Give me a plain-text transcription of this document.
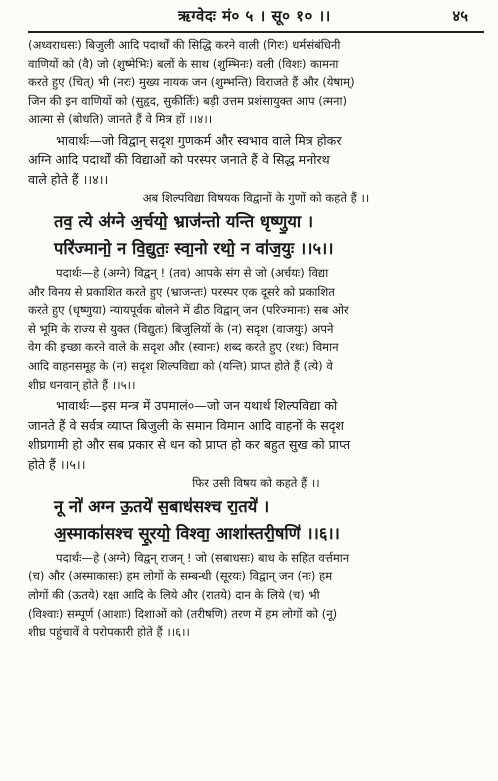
ऋग्वेदः मं० ५ । सू० १० ।।	४५

(अध्वराधसः) बिजुली आदि पदार्थों की सिद्धि करने वाली (गिरः) धर्मसंबंधिनी

वाणियों को (वै) जो (शुष्मेभिः) बलों के साथ (शुम्भिनः) वली (विशः) कामना

करते हुए (चित्) भी (नरः) मुख्य नायक जन (शुम्भन्ति) विराजते हैं और (येषाम्)

जिन की इन वाणियों को (सुहृद, सुकीर्तिः) बड़ी उत्तम प्रशंसायुक्त आप (त्मना)

आत्मा से (बोधति) जानते हैं वे मित्र हों ।।४।।

भावार्थः—जो विद्वान् सदृश गुणकर्म और स्वभाव वाले मित्र होकर

अग्नि आदि पदार्थों की विद्याओं को परस्पर जनाते हैं वे सिद्ध मनोरथ

वाले होते हैं ।।४।।

अब शिल्पविद्या विषयक विद्वानों के गुणों को कहते हैं ।।

तव॒ त्ये अ॑ग्ने अ॒र्चयो॒ भ्राज॑न्तो यन्ति धृष्णु॒या ।

परि॑ज्मानो॒ न वि॒द्युतः॒ स्वा॒नो रथो॒ न वा॑ज॒युः ।।५।।

पदार्थः—हे (अग्ने) विद्वन् ! (तव) आपके संग से जो (अर्चयः) विद्या

और विनय से प्रकाशित करते हुए (भ्राजन्तः) परस्पर एक दूसरे को प्रकाशित

करते हुए (धृष्णुया) न्यायपूर्वक बोलने में ढीठ विद्वान् जन (परिज्मानः) सब ओर

से भूमि के राज्य से युक्त (विद्युतः) बिजुलियों के (न) सदृश (वाजयुः) अपने

वेग की इच्छा करने वाले के सदृश और (स्वानः) शब्द करते हुए (रथः) विमान

आदि वाहनसमूह के (न) सदृश शिल्पविद्या को (यन्ति) प्राप्त होते हैं (त्ये) वे

शीघ्र धनवान् होते हैं ।।५।।

भावार्थः—इस मन्त्र में उपमालं०—जो जन यथार्थ शिल्पविद्या को

जानते हैं वे सर्वत्र व्याप्त बिजुली के समान विमान आदि वाहनों के सदृश

शीघ्रगामी हो और सब प्रकार से धन को प्राप्त हो कर बहुत सुख को प्राप्त

होते हैं ।।५।।

फिर उसी विषय को कहते हैं ।।

नू नो॑ अग्न ऊ॒तये॑ स॒बाध॑सश्च रा॒तये॑ ।

अ॒स्माका॑सश्च सू॒रयो॒ विश्वा॒ आशा॑स्तरी॒षणि॑ ।।६।।

पदार्थः—हे (अग्ने) विद्वन् राजन् ! जो (सबाधसः) बाध के सहित वर्त्तमान

(च) और (अस्माकासः) हम लोगों के सम्बन्धी (सूरयः) विद्वान् जन (नः) हम

लोगों की (ऊतये) रक्षा आदि के लिये और (रातये) दान के लिये (च) भी

(विश्वाः) सम्पूर्ण (आशाः) दिशाओं को (तरीषणि) तरण में हम लोगों को (नू)

शीघ्र पहुंचावें वे परोपकारी होते हैं ।।६।।
